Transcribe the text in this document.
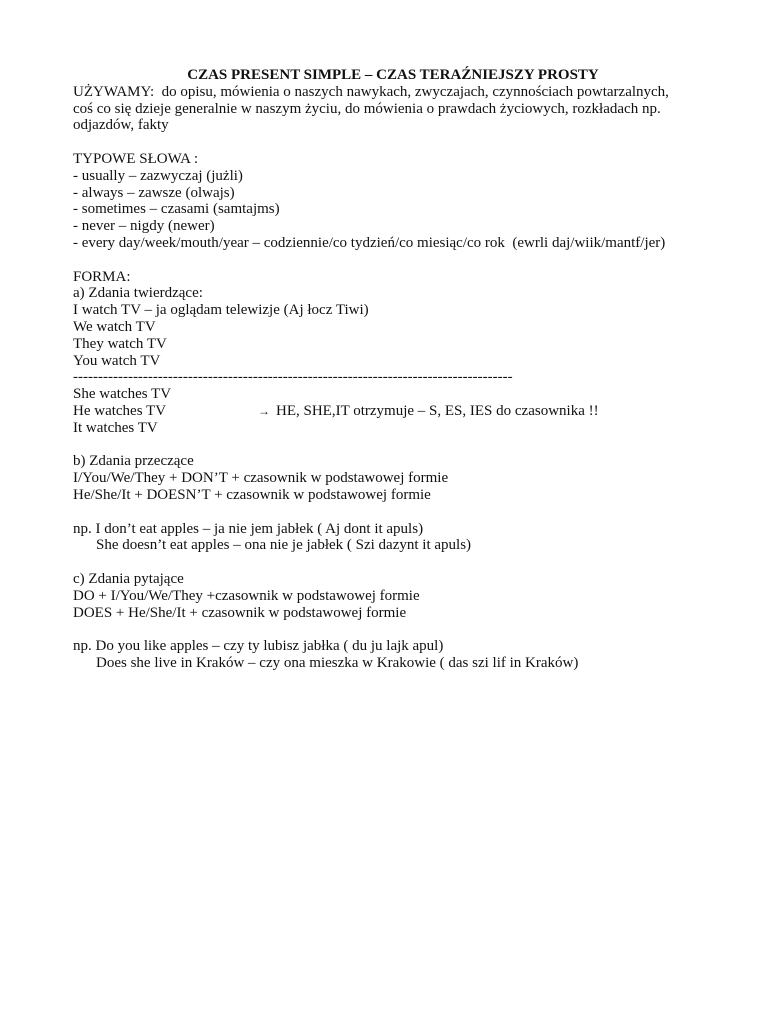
CZAS PRESENT SIMPLE – CZAS TERAŹNIEJSZY PROSTY
UŻYWAMY:  do opisu, mówienia o naszych nawykach, zwyczajach, czynnościach powtarzalnych,
coś co się dzieje generalnie w naszym życiu, do mówienia o prawdach życiowych, rozkładach np.
odjazdów, fakty
TYPOWE SŁOWA :
- usually – zazwyczaj (jużli)
- always – zawsze (olwajs)
- sometimes – czasami (samtajms)
- never – nigdy (newer)
- every day/week/mouth/year – codziennie/co tydzień/co miesiąc/co rok  (ewrli daj/wiik/mantf/jer)
FORMA:
a) Zdania twierdzące:
I watch TV – ja oglądam telewizje (Aj łocz Tiwi)
We watch TV
They watch TV
You watch TV
----------------------------------------------------------------------------------------
She watches TV
He watches TV	→ HE, SHE,IT otrzymuje – S, ES, IES do czasownika !!
It watches TV
b) Zdania przeczące
I/You/We/They + DON’T + czasownik w podstawowej formie
He/She/It + DOESN’T + czasownik w podstawowej formie
np. I don’t eat apples – ja nie jem jabłek ( Aj dont it apuls)
She doesn’t eat apples – ona nie je jabłek ( Szi dazynt it apuls)
c) Zdania pytające
DO + I/You/We/They +czasownik w podstawowej formie
DOES + He/She/It + czasownik w podstawowej formie
np. Do you like apples – czy ty lubisz jabłka ( du ju lajk apul)
Does she live in Kraków – czy ona mieszka w Krakowie ( das szi lif in Kraków)
